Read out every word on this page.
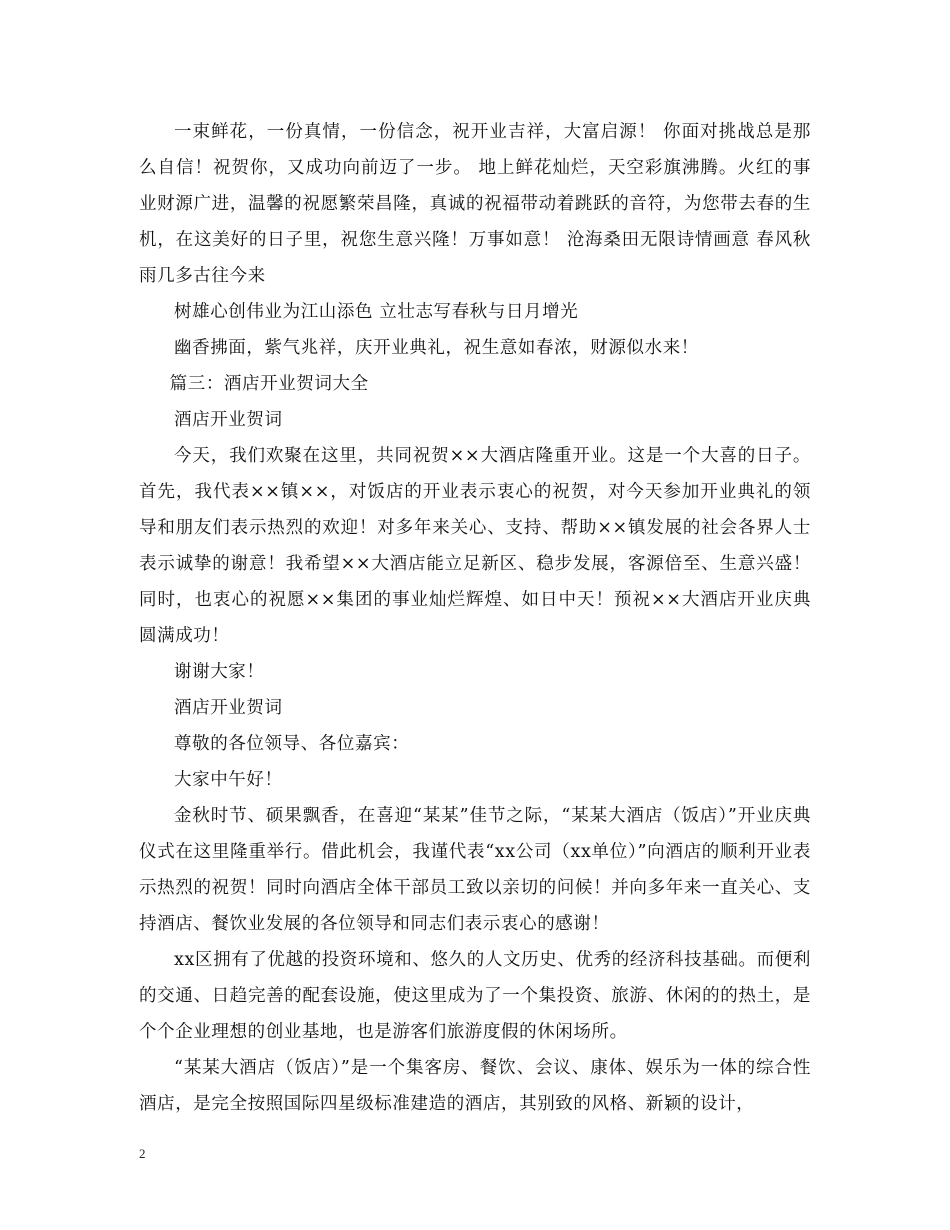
一束鲜花，一份真情，一份信念，祝开业吉祥，大富启源！ 你面对挑战总是那么自信！祝贺你，又成功向前迈了一步。 地上鲜花灿烂，天空彩旗沸腾。火红的事业财源广进，温馨的祝愿繁荣昌隆，真诚的祝福带动着跳跃的音符，为您带去春的生机，在这美好的日子里，祝您生意兴隆！万事如意！ 沧海桑田无限诗情画意 春风秋雨几多古往今来

树雄心创伟业为江山添色 立壮志写春秋与日月增光

幽香拂面，紫气兆祥，庆开业典礼，祝生意如春浓，财源似水来！

篇三：酒店开业贺词大全

酒店开业贺词

今天，我们欢聚在这里，共同祝贺××大酒店隆重开业。这是一个大喜的日子。首先，我代表××镇××，对饭店的开业表示衷心的祝贺，对今天参加开业典礼的领导和朋友们表示热烈的欢迎！对多年来关心、支持、帮助××镇发展的社会各界人士表示诚挚的谢意！我希望××大酒店能立足新区、稳步发展，客源倍至、生意兴盛！同时，也衷心的祝愿××集团的事业灿烂辉煌、如日中天！预祝××大酒店开业庆典圆满成功！

谢谢大家！

酒店开业贺词

尊敬的各位领导、各位嘉宾：

大家中午好！

金秋时节、硕果飘香，在喜迎“某某”佳节之际，“某某大酒店（饭店）”开业庆典仪式在这里隆重举行。借此机会，我谨代表“xx公司（xx单位）”向酒店的顺利开业表示热烈的祝贺！同时向酒店全体干部员工致以亲切的问候！并向多年来一直关心、支持酒店、餐饮业发展的各位领导和同志们表示衷心的感谢！

xx区拥有了优越的投资环境和、悠久的人文历史、优秀的经济科技基础。而便利的交通、日趋完善的配套设施，使这里成为了一个集投资、旅游、休闲的的热土，是个个企业理想的创业基地，也是游客们旅游度假的休闲场所。

“某某大酒店（饭店）”是一个集客房、餐饮、会议、康体、娱乐为一体的综合性酒店，是完全按照国际四星级标准建造的酒店，其别致的风格、新颖的设计，

2
